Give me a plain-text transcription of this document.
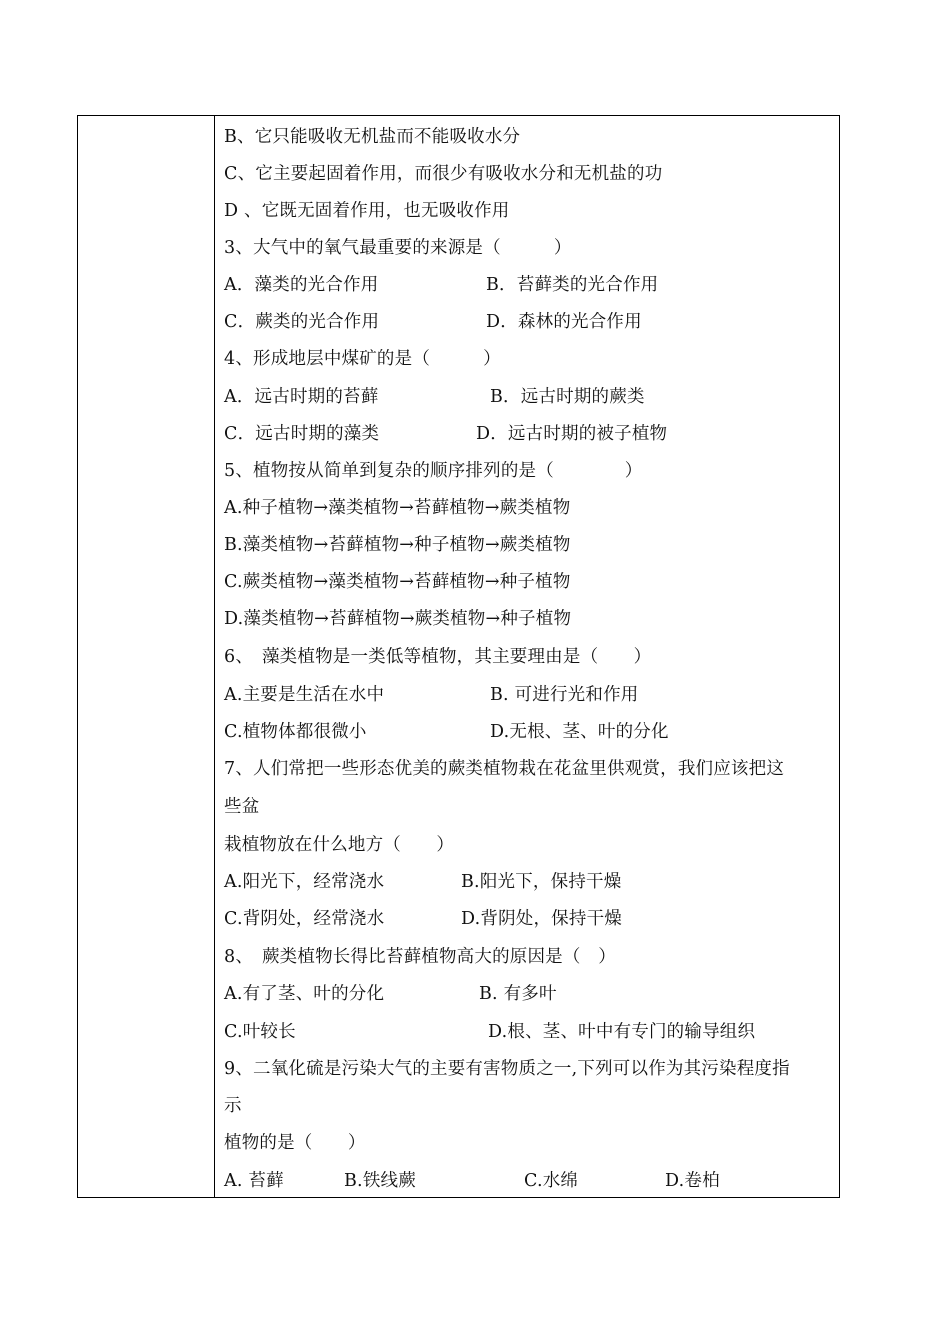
B、它只能吸收无机盐而不能吸收水分
C、它主要起固着作用，而很少有吸收水分和无机盐的功
D 、它既无固着作用，也无吸收作用
3、大气中的氧气最重要的来源是（　　　）
A．藻类的光合作用	B．苔藓类的光合作用
C．蕨类的光合作用	D．森林的光合作用
4、形成地层中煤矿的是（　　　）
A．远古时期的苔藓	B．远古时期的蕨类
C．远古时期的藻类	D．远古时期的被子植物
5、植物按从简单到复杂的顺序排列的是（　　　　）
A.种子植物→藻类植物→苔藓植物→蕨类植物
B.藻类植物→苔藓植物→种子植物→蕨类植物
C.蕨类植物→藻类植物→苔藓植物→种子植物
D.藻类植物→苔藓植物→蕨类植物→种子植物
6、　藻类植物是一类低等植物，其主要理由是（　　）
A.主要是生活在水中	B. 可进行光和作用
C.植物体都很微小	D.无根、茎、叶的分化
7、人们常把一些形态优美的蕨类植物栽在花盆里供观赏，我们应该把这
些盆
栽植物放在什么地方（　　）
A.阳光下，经常浇水	B.阳光下，保持干燥
C.背阴处，经常浇水	D.背阴处，保持干燥
8、　蕨类植物长得比苔藓植物高大的原因是（　）
A.有了茎、叶的分化	B. 有多叶
C.叶较长	D.根、茎、叶中有专门的输导组织
9、二氧化硫是污染大气的主要有害物质之一,下列可以作为其污染程度指
示
植物的是（　　）
A. 苔藓	B.铁线蕨	C.水绵	D.卷柏
